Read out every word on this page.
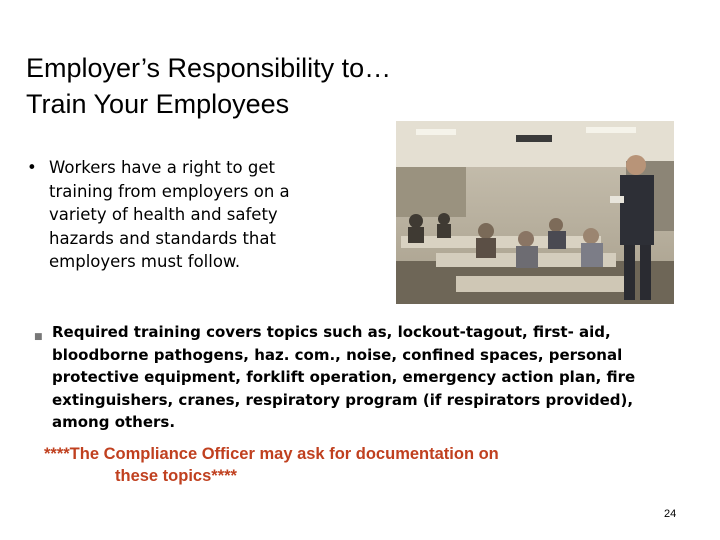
Employer’s Responsibility to…
Train Your Employees
• Workers have a right to get training from employers on a variety of health and safety hazards and standards that employers must follow.
■ Required training covers topics such as, lockout-tagout, first- aid, bloodborne pathogens, haz. com., noise, confined spaces, personal protective equipment, forklift operation, emergency action plan, fire extinguishers, cranes, respiratory program (if respirators provided), among others.
****The Compliance Officer may ask for documentation on
these topics****
24
